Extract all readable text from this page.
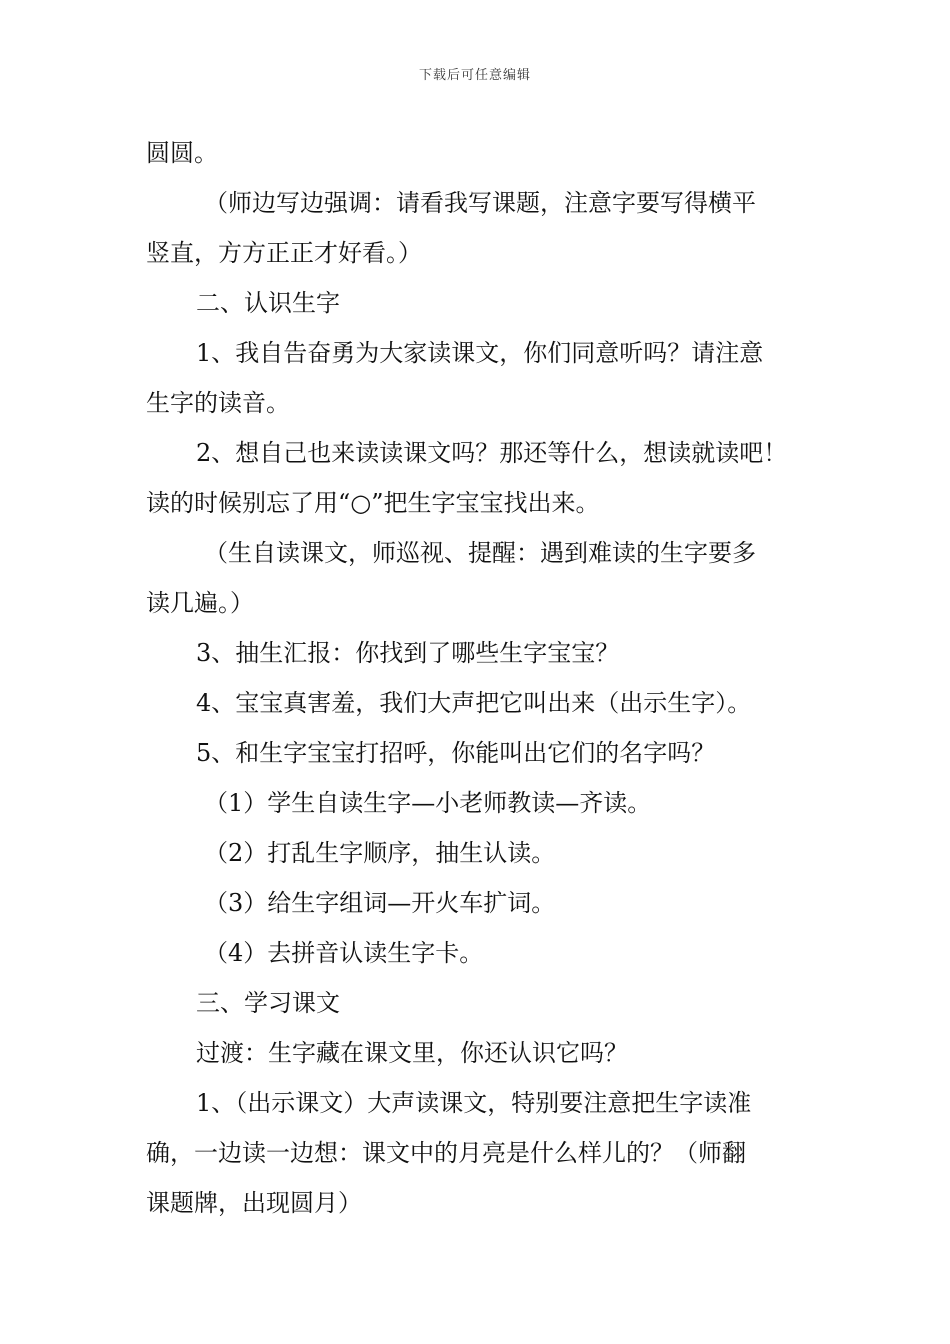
下载后可任意编辑
圆圆。
（师边写边强调：请看我写课题，注意字要写得横平
竖直，方方正正才好看。）
二、认识生字
1、我自告奋勇为大家读课文，你们同意听吗？请注意
生字的读音。
2、想自己也来读读课文吗？那还等什么，想读就读吧！
读的时候别忘了用“○”把生字宝宝找出来。
（生自读课文，师巡视、提醒：遇到难读的生字要多
读几遍。）
3、抽生汇报：你找到了哪些生字宝宝？
4、宝宝真害羞，我们大声把它叫出来（出示生字）。
5、和生字宝宝打招呼，你能叫出它们的名字吗？
（1）学生自读生字—小老师教读—齐读。
（2）打乱生字顺序，抽生认读。
（3）给生字组词—开火车扩词。
（4）去拼音认读生字卡。
三、学习课文
过渡：生字藏在课文里，你还认识它吗？
1、（出示课文）大声读课文，特别要注意把生字读准
确，一边读一边想：课文中的月亮是什么样儿的？（师翻
课题牌，出现圆月）
